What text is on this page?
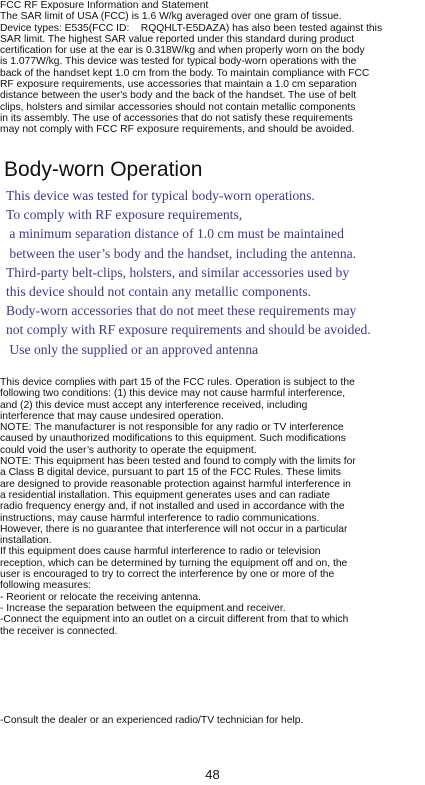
FCC RF Exposure Information and Statement
The SAR limit of USA (FCC) is 1.6 W/kg averaged over one gram of tissue.
Device types: E535(FCC ID:    RQQHLT-E5DAZA) has also been tested against this
SAR limit. The highest SAR value reported under this standard during product
certification for use at the ear is 0.318W/kg and when properly worn on the body
is 1.077W/kg. This device was tested for typical body-worn operations with the
back of the handset kept 1.0 cm from the body. To maintain compliance with FCC
RF exposure requirements, use accessories that maintain a 1.0 cm separation
distance between the user's body and the back of the handset. The use of belt
clips, holsters and similar accessories should not contain metallic components
in its assembly. The use of accessories that do not satisfy these requirements
may not comply with FCC RF exposure requirements, and should be avoided.
Body-worn Operation
This device was tested for typical body-worn operations.
To comply with RF exposure requirements,
a minimum separation distance of 1.0 cm must be maintained
between the user’s body and the handset, including the antenna.
Third-party belt-clips, holsters, and similar accessories used by
this device should not contain any metallic components.
Body-worn accessories that do not meet these requirements may
not comply with RF exposure requirements and should be avoided.
Use only the supplied or an approved antenna
This device complies with part 15 of the FCC rules. Operation is subject to the
following two conditions: (1) this device may not cause harmful interference,
and (2) this device must accept any interference received, including
interference that may cause undesired operation.
NOTE: The manufacturer is not responsible for any radio or TV interference
caused by unauthorized modifications to this equipment. Such modifications
could void the user’s authority to operate the equipment.
NOTE: This equipment has been tested and found to comply with the limits for
a Class B digital device, pursuant to part 15 of the FCC Rules. These limits
are designed to provide reasonable protection against harmful interference in
a residential installation. This equipment generates uses and can radiate
radio frequency energy and, if not installed and used in accordance with the
instructions, may cause harmful interference to radio communications.
However, there is no guarantee that interference will not occur in a particular
installation.
If this equipment does cause harmful interference to radio or television
reception, which can be determined by turning the equipment off and on, the
user is encouraged to try to correct the interference by one or more of the
following measures:
- Reorient or relocate the receiving antenna.
- Increase the separation between the equipment and receiver.
-Connect the equipment into an outlet on a circuit different from that to which
the receiver is connected.
-Consult the dealer or an experienced radio/TV technician for help.
48
